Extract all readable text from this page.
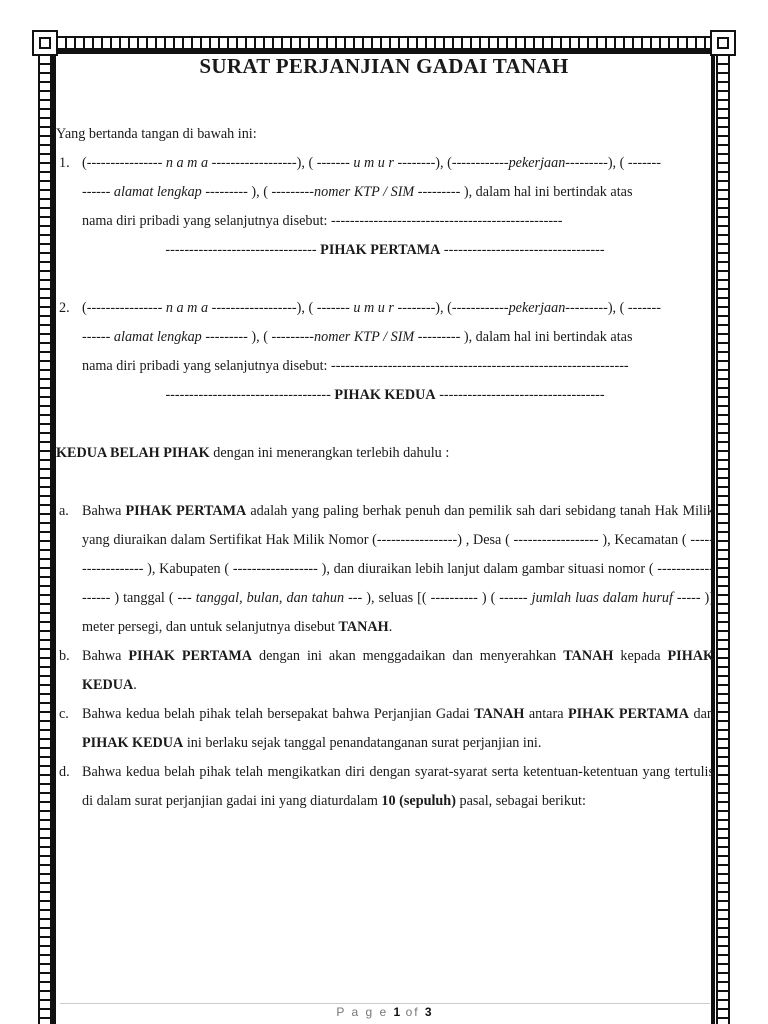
SURAT PERJANJIAN GADAI TANAH

Yang bertanda tangan di bawah ini:

1. (---------------- n a m a ------------------), ( ------- u m u r --------), (------------pekerjaan---------), ( -------
------ alamat lengkap --------- ), ( ---------nomer KTP / SIM --------- ), dalam hal ini bertindak atas
nama diri pribadi yang selanjutnya disebut: -------------------------------------------------

-------------------------------- PIHAK PERTAMA ----------------------------------

2. (---------------- n a m a ------------------), ( ------- u m u r --------), (------------pekerjaan---------), ( -------
------ alamat lengkap --------- ), ( ---------nomer KTP / SIM --------- ), dalam hal ini bertindak atas
nama diri pribadi yang selanjutnya disebut: ---------------------------------------------------------------

----------------------------------- PIHAK KEDUA -----------------------------------

KEDUA BELAH PIHAK dengan ini menerangkan terlebih dahulu :

a. Bahwa PIHAK PERTAMA adalah yang paling berhak penuh dan pemilik sah dari sebidang tanah Hak Milik yang diuraikan dalam Sertifikat Hak Milik Nomor (-----------------) , Desa ( ------------------ ), Kecamatan ( ------------------ ), Kabupaten ( ------------------ ), dan diuraikan lebih lanjut dalam gambar situasi nomor ( ------------------ ) tanggal ( --- tanggal, bulan, dan tahun --- ), seluas [( ---------- ) ( ------ jumlah luas dalam huruf ----- )] meter persegi, dan untuk selanjutnya disebut TANAH.
b. Bahwa PIHAK PERTAMA dengan ini akan menggadaikan dan menyerahkan TANAH kepada PIHAK KEDUA.
c. Bahwa kedua belah pihak telah bersepakat bahwa Perjanjian Gadai TANAH antara PIHAK PERTAMA dan PIHAK KEDUA ini berlaku sejak tanggal penandatanganan surat perjanjian ini.
d. Bahwa kedua belah pihak telah mengikatkan diri dengan syarat-syarat serta ketentuan-ketentuan yang tertulis di dalam surat perjanjian gadai ini yang diaturdalam 10 (sepuluh) pasal, sebagai berikut:
P a g e 1 of 3
